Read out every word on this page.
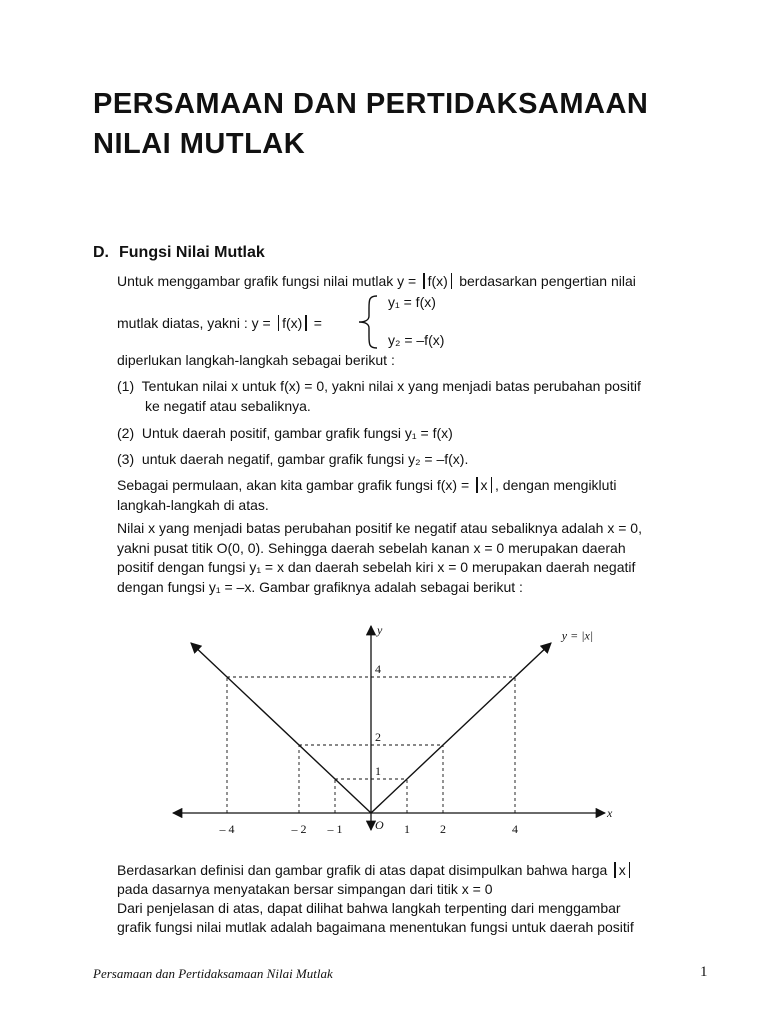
PERSAMAAN DAN PERTIDAKSAMAAN
NILAI MUTLAK
D. Fungsi Nilai Mutlak
Untuk menggambar grafik fungsi nilai mutlak y = f(x) berdasarkan pengertian nilai
y₁ = f(x)
mutlak diatas, yakni : y = f(x) =
y₂ = –f(x)
diperlukan langkah-langkah sebagai berikut :
(1) Tentukan nilai x untuk f(x) = 0, yakni nilai x yang menjadi batas perubahan positif
ke negatif atau sebaliknya.
(2) Untuk daerah positif, gambar grafik fungsi y₁ = f(x)
(3) untuk daerah negatif, gambar grafik fungsi y₂ = –f(x).
Sebagai permulaan, akan kita gambar grafik fungsi f(x) = x , dengan mengikluti
langkah-langkah di atas.
Nilai x yang menjadi batas perubahan positif ke negatif atau sebaliknya adalah x = 0,
yakni pusat titik O(0, 0). Sehingga daerah sebelah kanan x = 0 merupakan daerah
positif dengan fungsi y₁ = x dan daerah sebelah kiri x = 0 merupakan daerah negatif
dengan fungsi y₁ = –x. Gambar grafiknya adalah sebagai berikut :
– 4	– 2 – 1	1	2	4
1
2
4
x
y
O
y = |x|
Berdasarkan definisi dan gambar grafik di atas dapat disimpulkan bahwa harga x
pada dasarnya menyatakan bersar simpangan dari titik x = 0
Dari penjelasan di atas, dapat dilihat bahwa langkah terpenting dari menggambar
grafik fungsi nilai mutlak adalah bagaimana menentukan fungsi untuk daerah positif
Persamaan dan Pertidaksamaan Nilai Mutlak	1
